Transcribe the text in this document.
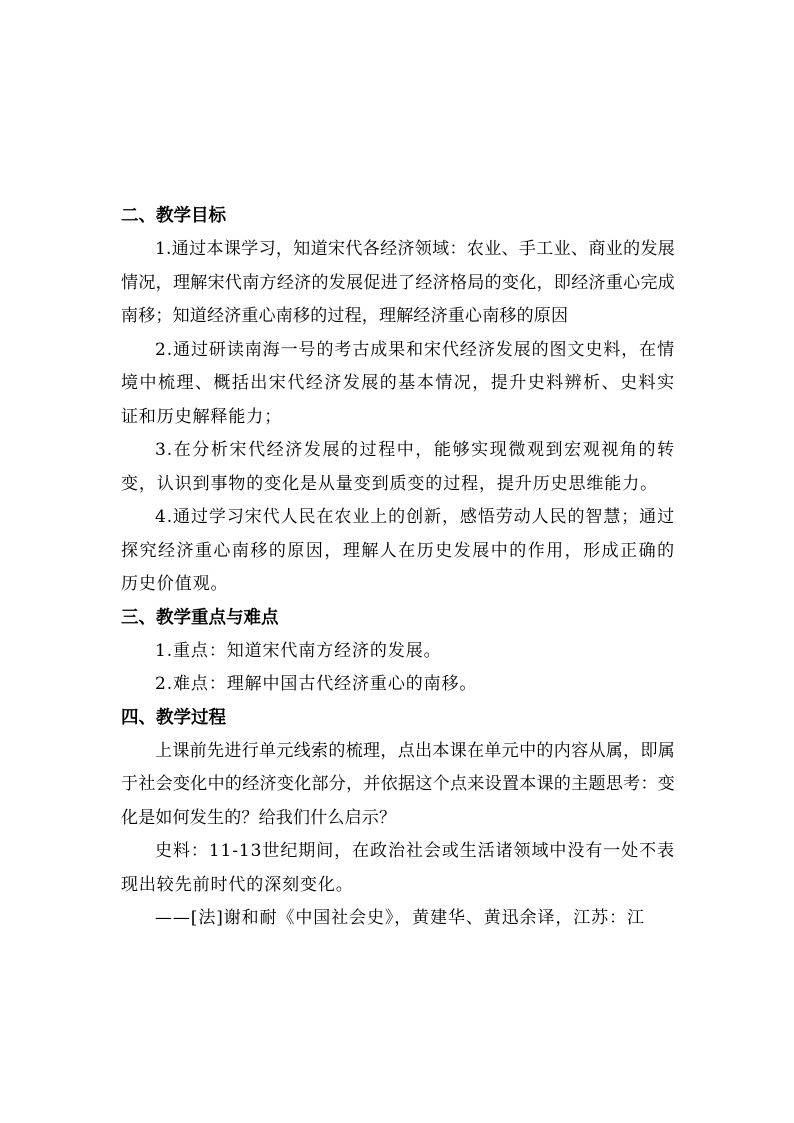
二、教学目标

1.通过本课学习，知道宋代各经济领域：农业、手工业、商业的发展情况，理解宋代南方经济的发展促进了经济格局的变化，即经济重心完成南移；知道经济重心南移的过程，理解经济重心南移的原因

2.通过研读南海一号的考古成果和宋代经济发展的图文史料，在情境中梳理、概括出宋代经济发展的基本情况，提升史料辨析、史料实证和历史解释能力；

3.在分析宋代经济发展的过程中，能够实现微观到宏观视角的转变，认识到事物的变化是从量变到质变的过程，提升历史思维能力。

4.通过学习宋代人民在农业上的创新，感悟劳动人民的智慧；通过探究经济重心南移的原因，理解人在历史发展中的作用，形成正确的历史价值观。

三、教学重点与难点

1.重点：知道宋代南方经济的发展。

2.难点：理解中国古代经济重心的南移。

四、教学过程

上课前先进行单元线索的梳理，点出本课在单元中的内容从属，即属于社会变化中的经济变化部分，并依据这个点来设置本课的主题思考：变化是如何发生的？给我们什么启示？

史料：11-13世纪期间，在政治社会或生活诸领域中没有一处不表现出较先前时代的深刻变化。

——[法]谢和耐《中国社会史》，黄建华、黄迅余译，江苏：江
